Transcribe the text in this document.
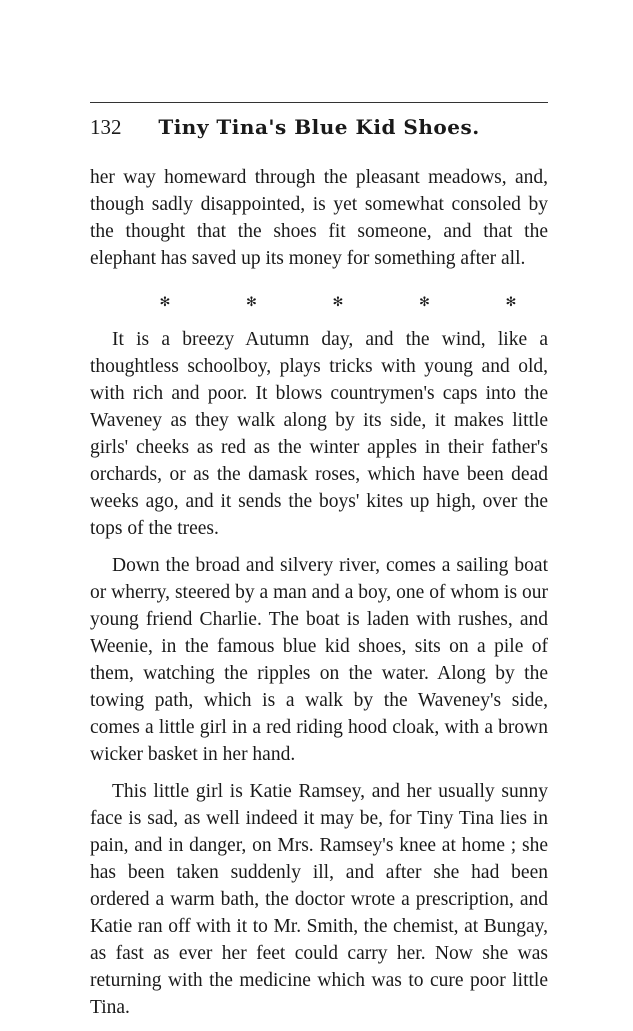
132	Tiny Tina's Blue Kid Shoes.

her way homeward through the pleasant meadows, and, though sadly disappointed, is yet somewhat consoled by the thought that the shoes fit someone, and that the elephant has saved up its money for something after all.

✻	✻	✻	✻	✻

It is a breezy Autumn day, and the wind, like a thoughtless schoolboy, plays tricks with young and old, with rich and poor. It blows countrymen's caps into the Waveney as they walk along by its side, it makes little girls' cheeks as red as the winter apples in their father's orchards, or as the damask roses, which have been dead weeks ago, and it sends the boys' kites up high, over the tops of the trees.

Down the broad and silvery river, comes a sailing boat or wherry, steered by a man and a boy, one of whom is our young friend Charlie. The boat is laden with rushes, and Weenie, in the famous blue kid shoes, sits on a pile of them, watching the ripples on the water. Along by the towing path, which is a walk by the Waveney's side, comes a little girl in a red riding hood cloak, with a brown wicker basket in her hand.

This little girl is Katie Ramsey, and her usually sunny face is sad, as well indeed it may be, for Tiny Tina lies in pain, and in danger, on Mrs. Ramsey's knee at home ; she has been taken suddenly ill, and after she had been ordered a warm bath, the doctor wrote a prescription, and Katie ran off with it to Mr. Smith, the chemist, at Bungay, as fast as ever her feet could carry her. Now she was returning with the medicine which was to cure poor little Tina.
